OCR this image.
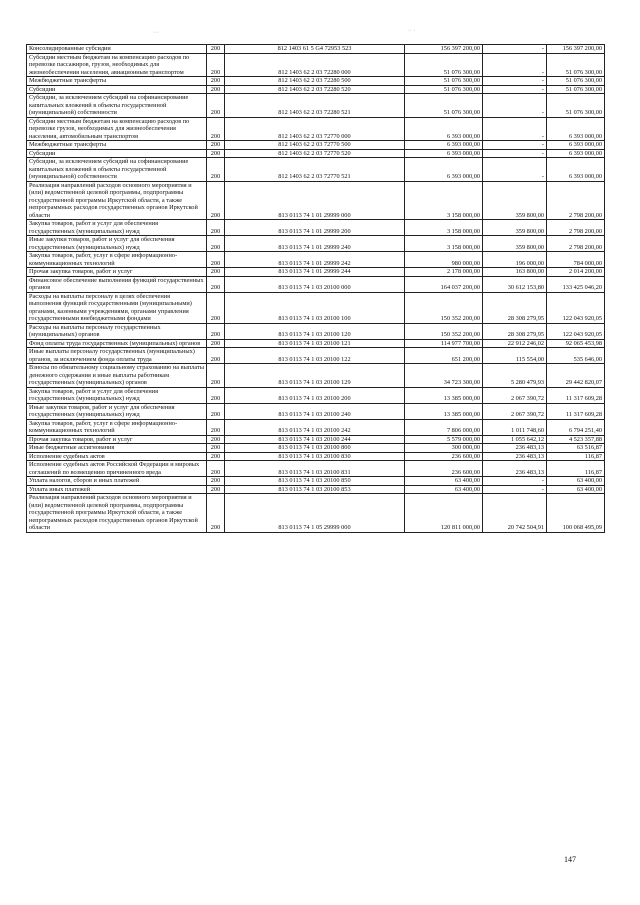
···	·· ·
Консолидированные субсидии	200	812 1403 61 5 G4 72953 523	156 397 200,00	-	156 397 200,00
Субсидии местным бюджетам на компенсацию расходов по перевозке пассажиров, грузов, необходимых для жизнеобеспечения населения, авиационным транспортом	200	812 1403 62 2 03 72280 000	51 076 300,00	-	51 076 300,00
Межбюджетные трансферты	200	812 1403 62 2 03 72280 500	51 076 300,00	-	51 076 300,00
Субсидии	200	812 1403 62 2 03 72280 520	51 076 300,00	-	51 076 300,00
Субсидии, за исключением субсидий на софинансирование капитальных вложений в объекты государственной (муниципальной) собственности	200	812 1403 62 2 03 72280 521	51 076 300,00	-	51 076 300,00
Субсидии местным бюджетам на компенсацию расходов по перевозке грузов, необходимых для жизнеобеспечения населения, автомобильным транспортом	200	812 1403 62 2 03 72770 000	6 393 000,00	-	6 393 000,00
Межбюджетные трансферты	200	812 1403 62 2 03 72770 500	6 393 000,00	-	6 393 000,00
Субсидии	200	812 1403 62 2 03 72770 520	6 393 000,00	-	6 393 000,00
Субсидии, за исключением субсидий на софинансирование капитальных вложений в объекты государственной (муниципальной) собственности	200	812 1403 62 2 03 72770 521	6 393 000,00	-	6 393 000,00
Реализация направлений расходов основного мероприятия и (или) ведомственной целевой программы, подпрограммы государственной программы Иркутской области, а также непрограммных расходов государственных органов Иркутской области	200	813 0113 74 1 01 29999 000	3 158 000,00	359 800,00	2 798 200,00
Закупка товаров, работ и услуг для обеспечения государственных (муниципальных) нужд	200	813 0113 74 1 01 29999 200	3 158 000,00	359 800,00	2 798 200,00
Иные закупки товаров, работ и услуг для обеспечения государственных (муниципальных) нужд	200	813 0113 74 1 01 29999 240	3 158 000,00	359 800,00	2 798 200,00
Закупка товаров, работ, услуг в сфере информационно-коммуникационных технологий	200	813 0113 74 1 01 29999 242	980 000,00	196 000,00	784 000,00
Прочая закупка товаров, работ и услуг	200	813 0113 74 1 01 29999 244	2 178 000,00	163 800,00	2 014 200,00
Финансовое обеспечение выполнения функций государственных органов	200	813 0113 74 1 03 20100 000	164 037 200,00	30 612 153,80	133 425 046,20
Расходы на выплаты персоналу в целях обеспечения выполнения функций государственными (муниципальными) органами, казенными учреждениями, органами управления государственными внебюджетными фондами	200	813 0113 74 1 03 20100 100	150 352 200,00	28 308 279,95	122 043 920,05
Расходы на выплаты персоналу государственных (муниципальных) органов	200	813 0113 74 1 03 20100 120	150 352 200,00	28 308 279,95	122 043 920,05
Фонд оплаты труда государственных (муниципальных) органов	200	813 0113 74 1 03 20100 121	114 977 700,00	22 912 246,02	92 065 453,98
Иные выплаты персоналу государственных (муниципальных) органов, за исключением фонда оплаты труда	200	813 0113 74 1 03 20100 122	651 200,00	115 554,00	535 646,00
Взносы по обязательному социальному страхованию на выплаты денежного содержания и иные выплаты работникам государственных (муниципальных) органов	200	813 0113 74 1 03 20100 129	34 723 300,00	5 280 479,93	29 442 820,07
Закупка товаров, работ и услуг для обеспечения государственных (муниципальных) нужд	200	813 0113 74 1 03 20100 200	13 385 000,00	2 067 390,72	11 317 609,28
Иные закупки товаров, работ и услуг для обеспечения государственных (муниципальных) нужд	200	813 0113 74 1 03 20100 240	13 385 000,00	2 067 390,72	11 317 609,28
Закупка товаров, работ, услуг в сфере информационно-коммуникационных технологий	200	813 0113 74 1 03 20100 242	7 806 000,00	1 011 748,60	6 794 251,40
Прочая закупка товаров, работ и услуг	200	813 0113 74 1 03 20100 244	5 579 000,00	1 055 642,12	4 523 357,88
Иные бюджетные ассигнования	200	813 0113 74 1 03 20100 800	300 000,00	236 483,13	63 516,87
Исполнение судебных актов	200	813 0113 74 1 03 20100 830	236 600,00	236 483,13	116,87
Исполнение судебных актов Российской Федерации и мировых соглашений по возмещению причиненного вреда	200	813 0113 74 1 03 20100 831	236 600,00	236 483,13	116,87
Уплата налогов, сборов и иных платежей	200	813 0113 74 1 03 20100 850	63 400,00	-	63 400,00
Уплата иных платежей	200	813 0113 74 1 03 20100 853	63 400,00	-	63 400,00
Реализация направлений расходов основного мероприятия и (или) ведомственной целевой программы, подпрограммы государственной программы Иркутской области, а также непрограммных расходов государственных органов Иркутской области	200	813 0113 74 1 05 29999 000	120 811 000,00	20 742 504,91	100 068 495,09
147
